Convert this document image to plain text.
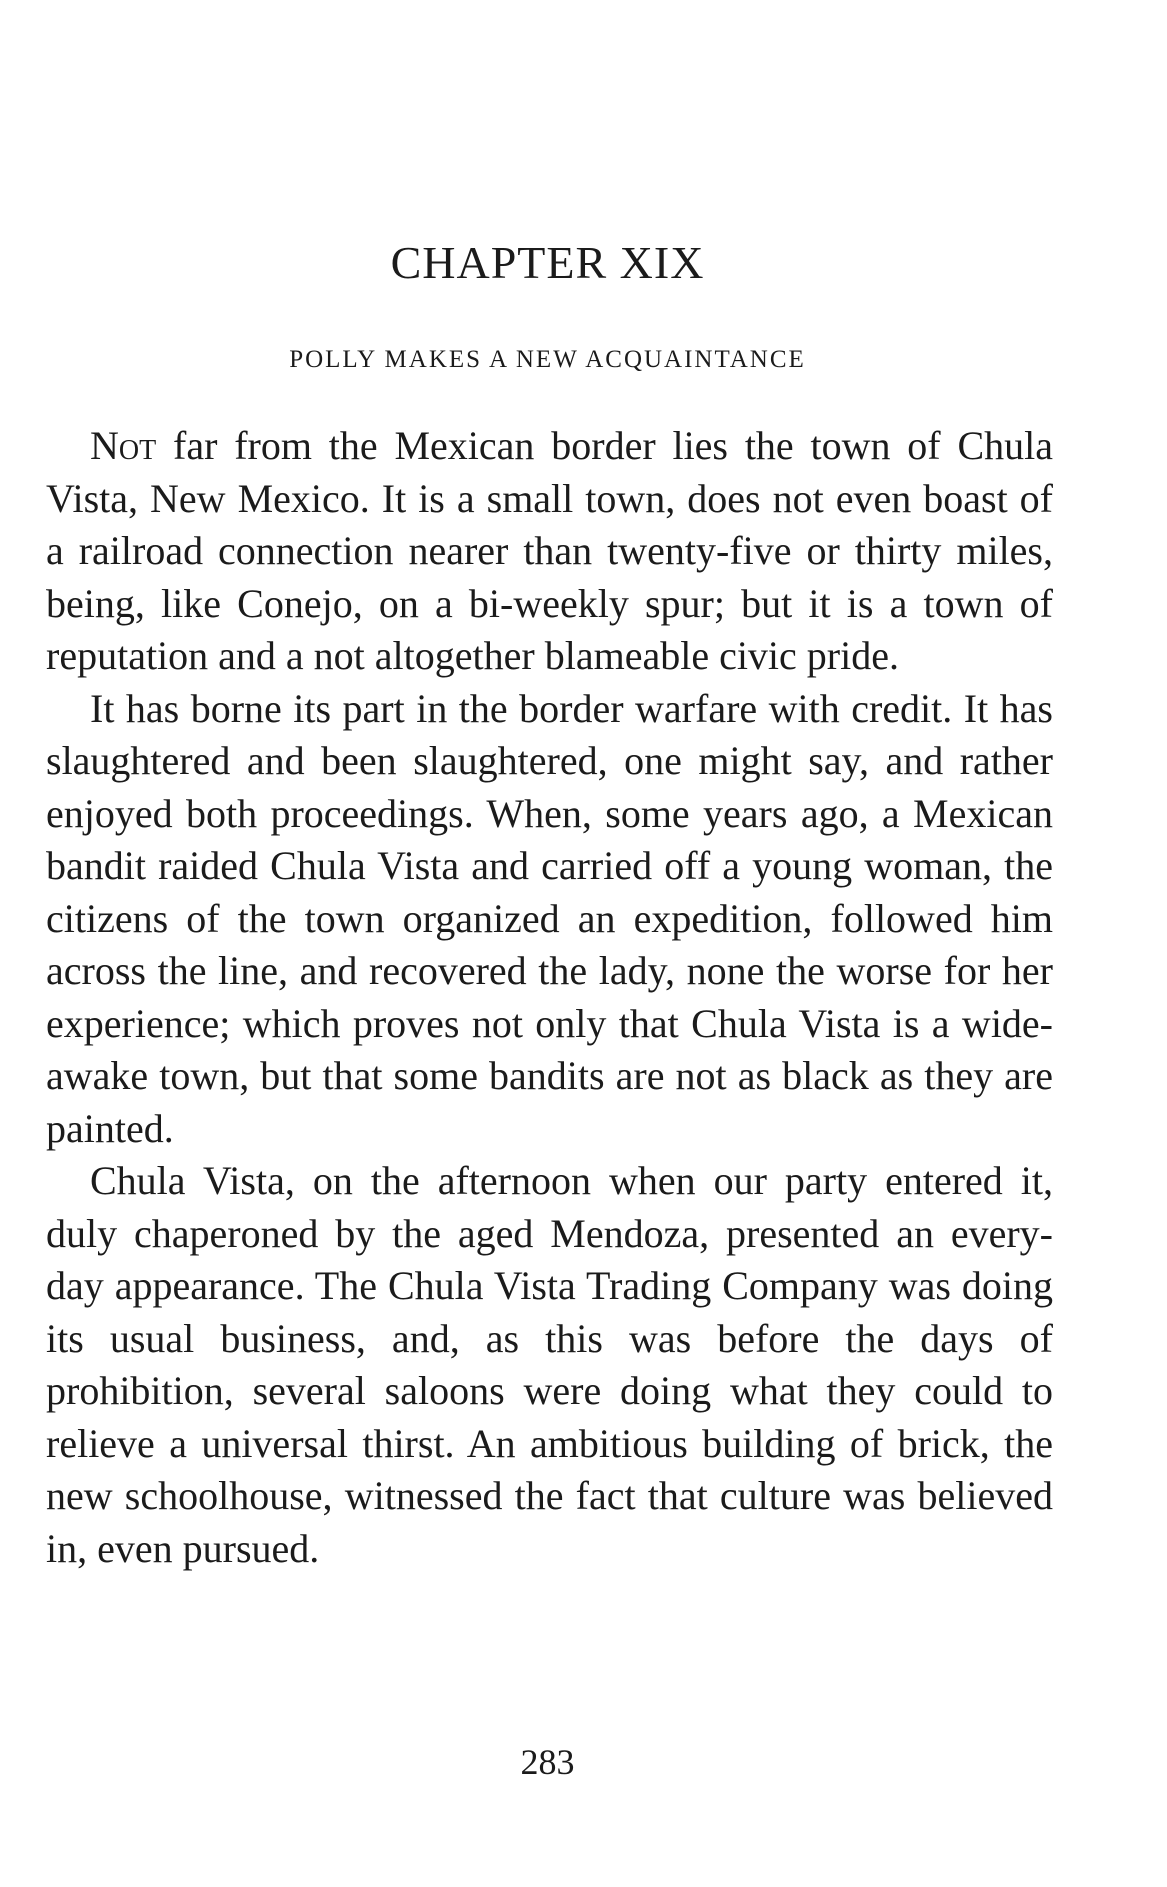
CHAPTER XIX
POLLY MAKES A NEW ACQUAINTANCE

Not far from the Mexican border lies the town of Chula Vista, New Mexico. It is a small town, does not even boast of a railroad connection nearer than twenty-five or thirty miles, being, like Conejo, on a bi-weekly spur; but it is a town of reputation and a not altogether blameable civic pride.

It has borne its part in the border warfare with credit. It has slaughtered and been slaughtered, one might say, and rather enjoyed both proceedings. When, some years ago, a Mexican bandit raided Chula Vista and carried off a young woman, the citizens of the town organized an expedition, followed him across the line, and recovered the lady, none the worse for her experience; which proves not only that Chula Vista is a wide-awake town, but that some bandits are not as black as they are painted.

Chula Vista, on the afternoon when our party entered it, duly chaperoned by the aged Mendoza, presented an every-day appearance. The Chula Vista Trading Company was doing its usual business, and, as this was before the days of prohibition, several saloons were doing what they could to relieve a universal thirst. An ambitious building of brick, the new schoolhouse, witnessed the fact that culture was believed in, even pursued.

283
